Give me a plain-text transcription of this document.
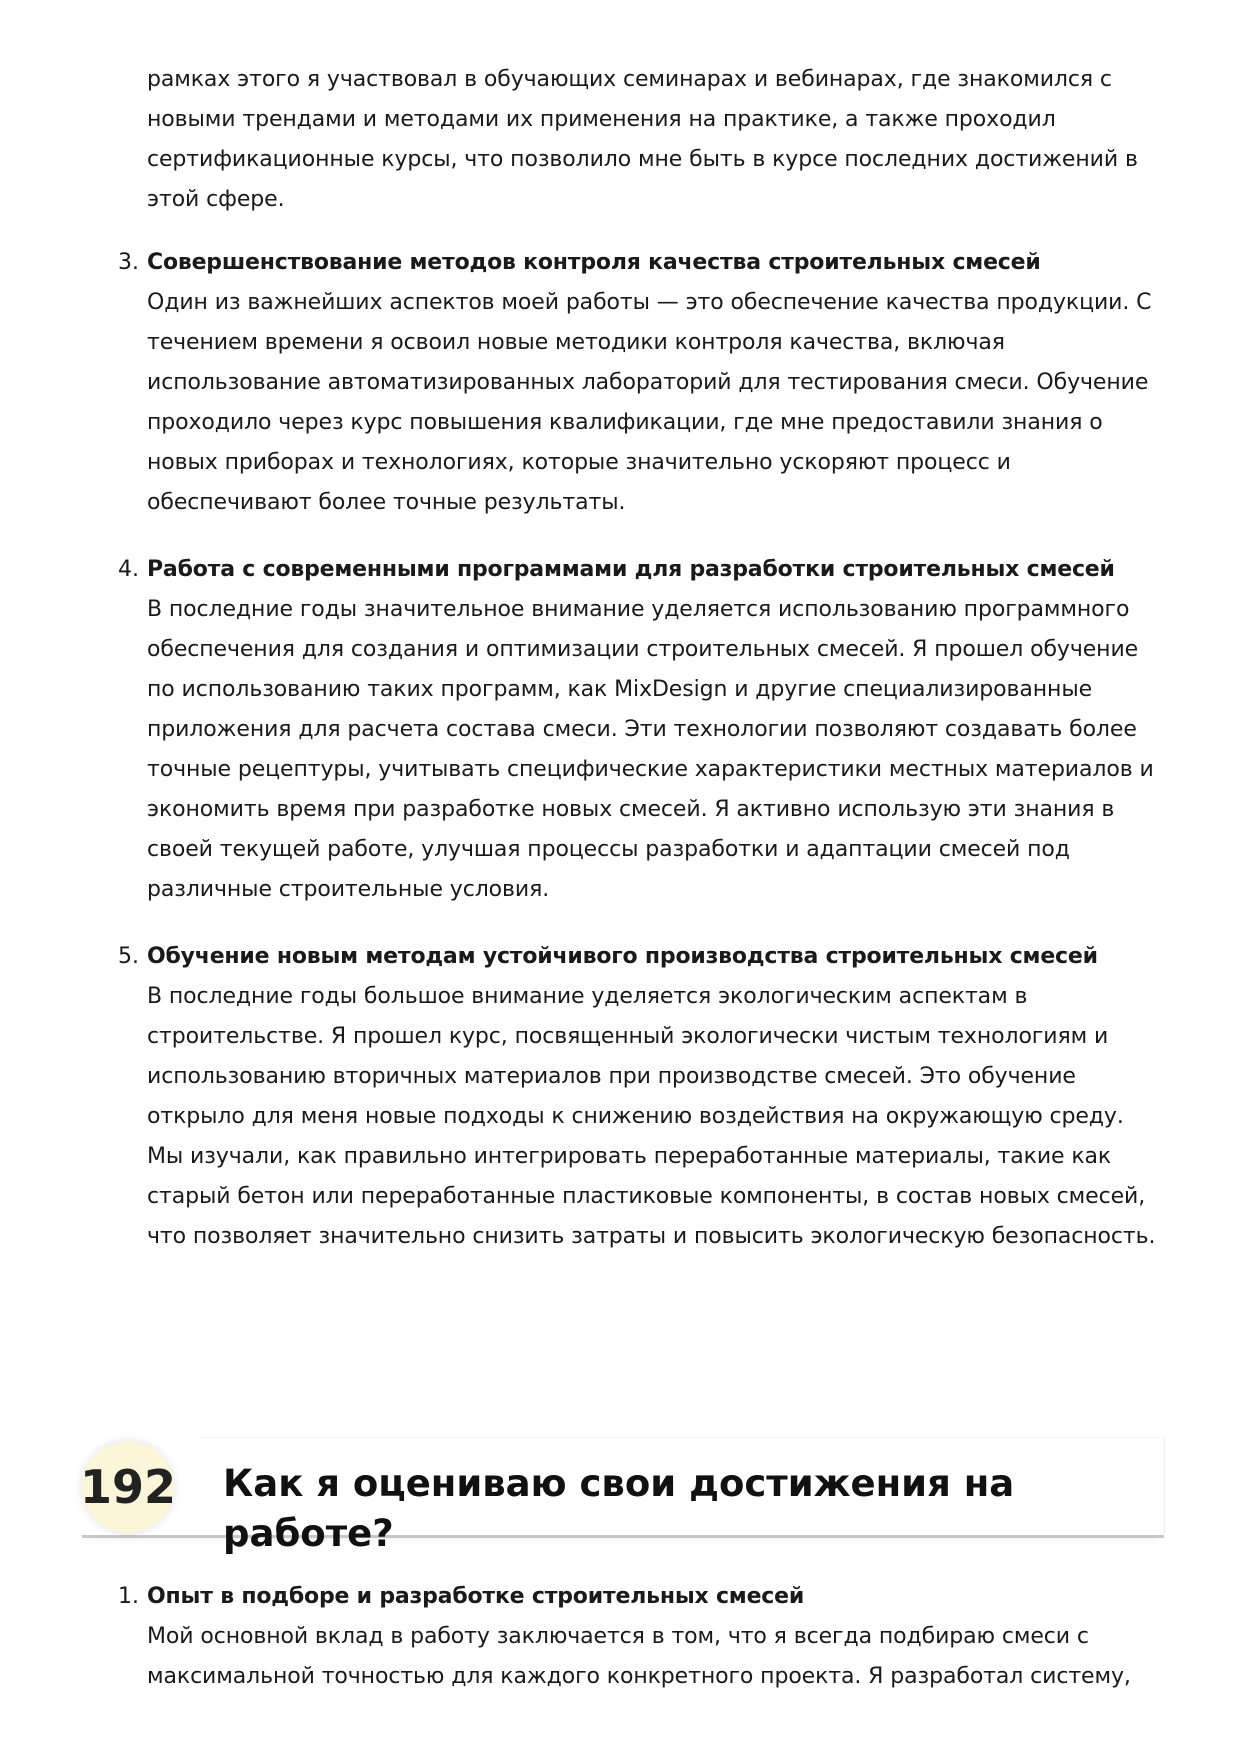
рамках этого я участвовал в обучающих семинарах и вебинарах, где знакомился с
новыми трендами и методами их применения на практике, а также проходил
сертификационные курсы, что позволило мне быть в курсе последних достижений в
этой сфере.
3. Совершенствование методов контроля качества строительных смесей
Один из важнейших аспектов моей работы — это обеспечение качества продукции. С
течением времени я освоил новые методики контроля качества, включая
использование автоматизированных лабораторий для тестирования смеси. Обучение
проходило через курс повышения квалификации, где мне предоставили знания о
новых приборах и технологиях, которые значительно ускоряют процесс и
обеспечивают более точные результаты.
4. Работа с современными программами для разработки строительных смесей
В последние годы значительное внимание уделяется использованию программного
обеспечения для создания и оптимизации строительных смесей. Я прошел обучение
по использованию таких программ, как MixDesign и другие специализированные
приложения для расчета состава смеси. Эти технологии позволяют создавать более
точные рецептуры, учитывать специфические характеристики местных материалов и
экономить время при разработке новых смесей. Я активно использую эти знания в
своей текущей работе, улучшая процессы разработки и адаптации смесей под
различные строительные условия.
5. Обучение новым методам устойчивого производства строительных смесей
В последние годы большое внимание уделяется экологическим аспектам в
строительстве. Я прошел курс, посвященный экологически чистым технологиям и
использованию вторичных материалов при производстве смесей. Это обучение
открыло для меня новые подходы к снижению воздействия на окружающую среду.
Мы изучали, как правильно интегрировать переработанные материалы, такие как
старый бетон или переработанные пластиковые компоненты, в состав новых смесей,
что позволяет значительно снизить затраты и повысить экологическую безопасность.
192 Как я оцениваю свои достижения на работе?
1. Опыт в подборе и разработке строительных смесей
Мой основной вклад в работу заключается в том, что я всегда подбираю смеси с
максимальной точностью для каждого конкретного проекта. Я разработал систему,
